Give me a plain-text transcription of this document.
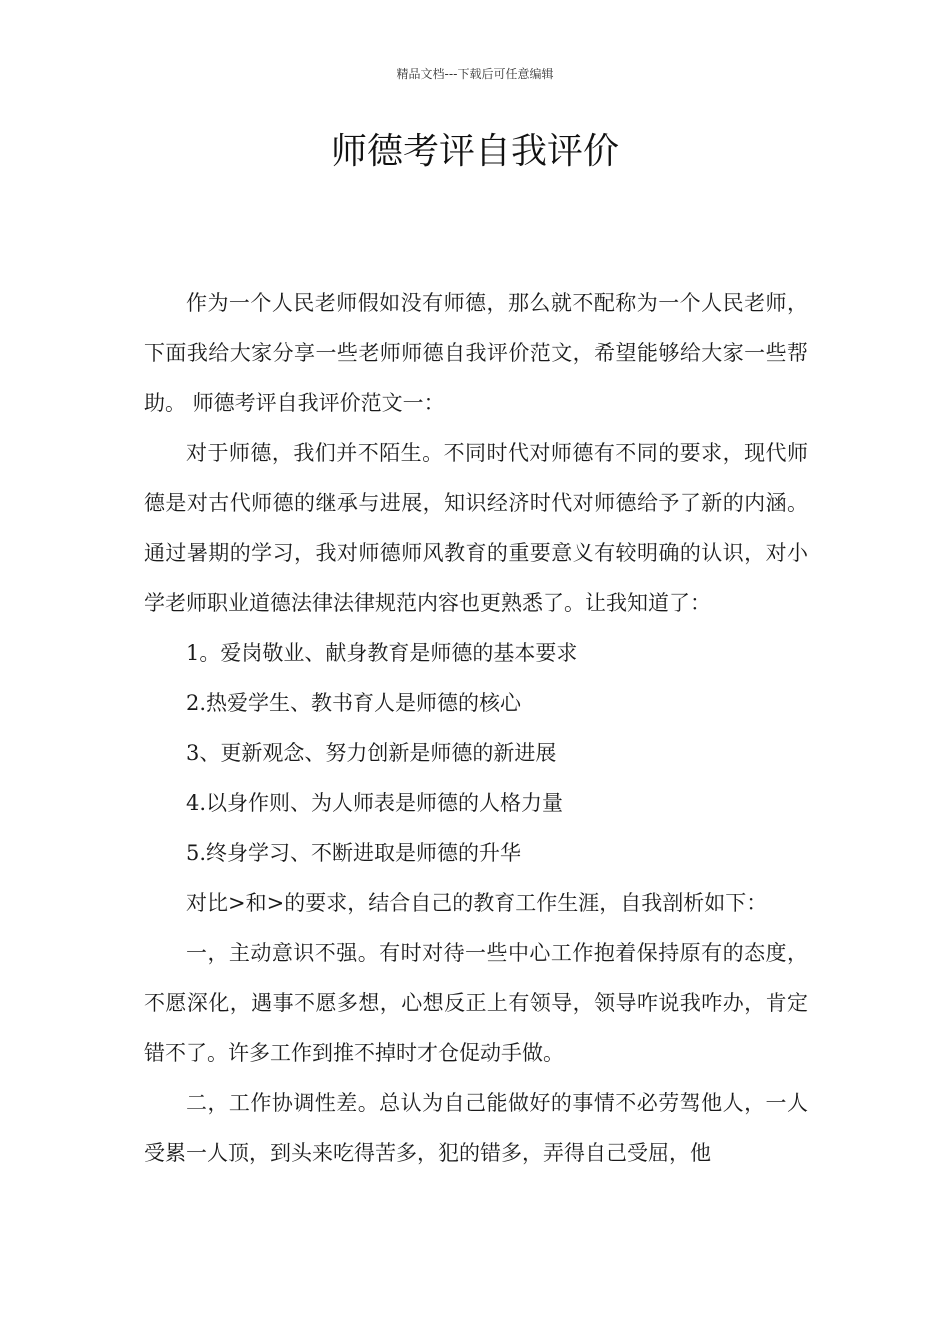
精品文档---下载后可任意编辑
师德考评自我评价

作为一个人民老师假如没有师德，那么就不配称为一个人民老师，下面我给大家分享一些老师师德自我评价范文，希望能够给大家一些帮助。 师德考评自我评价范文一：

对于师德，我们并不陌生。不同时代对师德有不同的要求，现代师德是对古代师德的继承与进展，知识经济时代对师德给予了新的内涵。通过暑期的学习，我对师德师风教育的重要意义有较明确的认识，对小学老师职业道德法律法律规范内容也更熟悉了。让我知道了：

1。爱岗敬业、献身教育是师德的基本要求

2.热爱学生、教书育人是师德的核心

3、更新观念、努力创新是师德的新进展

4.以身作则、为人师表是师德的人格力量

5.终身学习、不断进取是师德的升华

对比>和>的要求，结合自己的教育工作生涯，自我剖析如下：

一，主动意识不强。有时对待一些中心工作抱着保持原有的态度，不愿深化，遇事不愿多想，心想反正上有领导，领导咋说我咋办，肯定错不了。许多工作到推不掉时才仓促动手做。

二，工作协调性差。总认为自己能做好的事情不必劳驾他人，一人受累一人顶，到头来吃得苦多，犯的错多，弄得自己受屈，他
